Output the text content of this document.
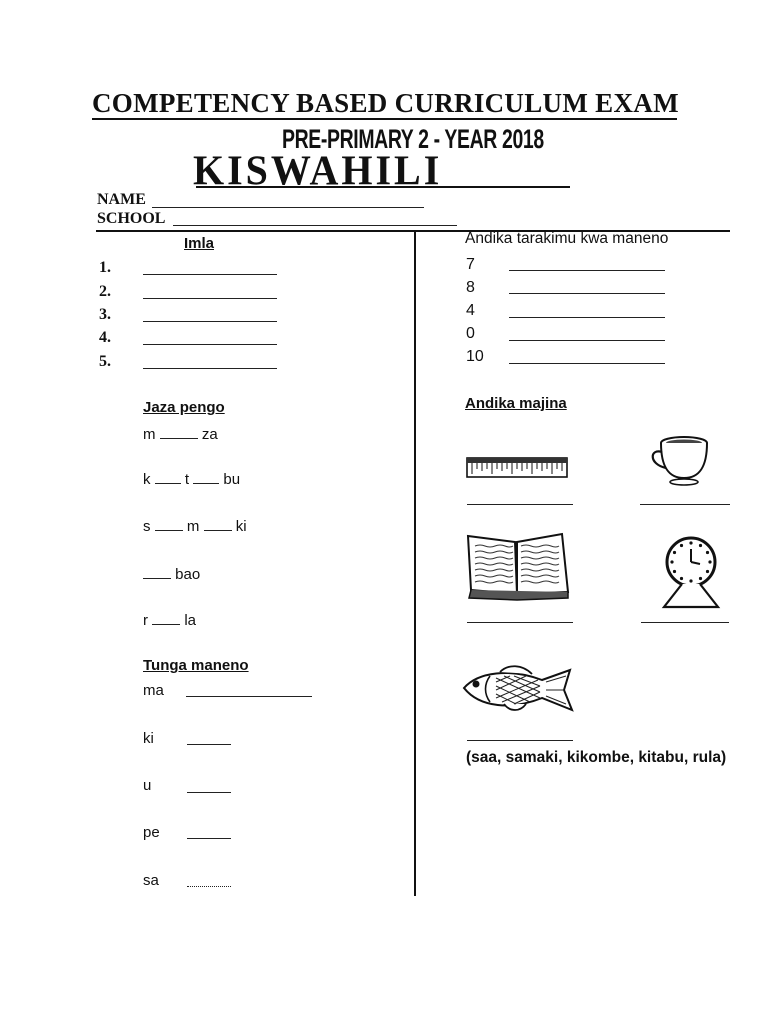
COMPETENCY BASED CURRICULUM EXAM
PRE-PRIMARY 2 - YEAR 2018
KISWAHILI
NAME
SCHOOL
Imla
1.
2.
3.
4.
5.
Jaza pengo
m	za
k t bu
s m ki
bao
r la
Tunga maneno
ma
ki
u
pe
sa
Andika tarakimu kwa maneno
7
8
4
0
10
Andika majina
(saa, samaki, kikombe, kitabu, rula)
